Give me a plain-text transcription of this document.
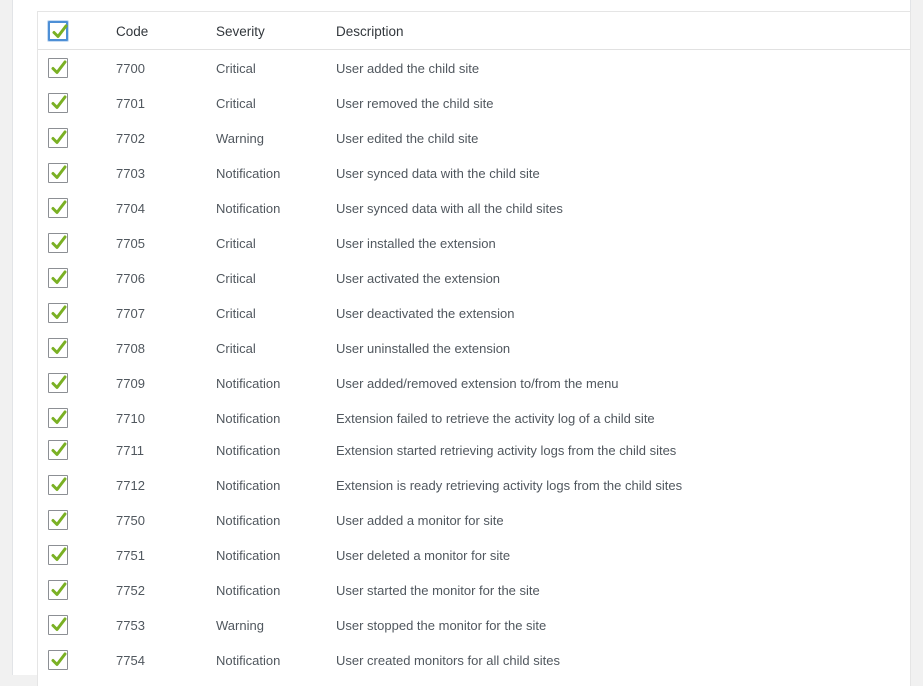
Code	Severity	Description
7700	Critical	User added the child site
7701	Critical	User removed the child site
7702	Warning	User edited the child site
7703	Notification	User synced data with the child site
7704	Notification	User synced data with all the child sites
7705	Critical	User installed the extension
7706	Critical	User activated the extension
7707	Critical	User deactivated the extension
7708	Critical	User uninstalled the extension
7709	Notification	User added/removed extension to/from the menu
7710	Notification	Extension failed to retrieve the activity log of a child site
7711	Notification	Extension started retrieving activity logs from the child sites
7712	Notification	Extension is ready retrieving activity logs from the child sites
7750	Notification	User added a monitor for site
7751	Notification	User deleted a monitor for site
7752	Notification	User started the monitor for the site
7753	Warning	User stopped the monitor for the site
7754	Notification	User created monitors for all child sites
